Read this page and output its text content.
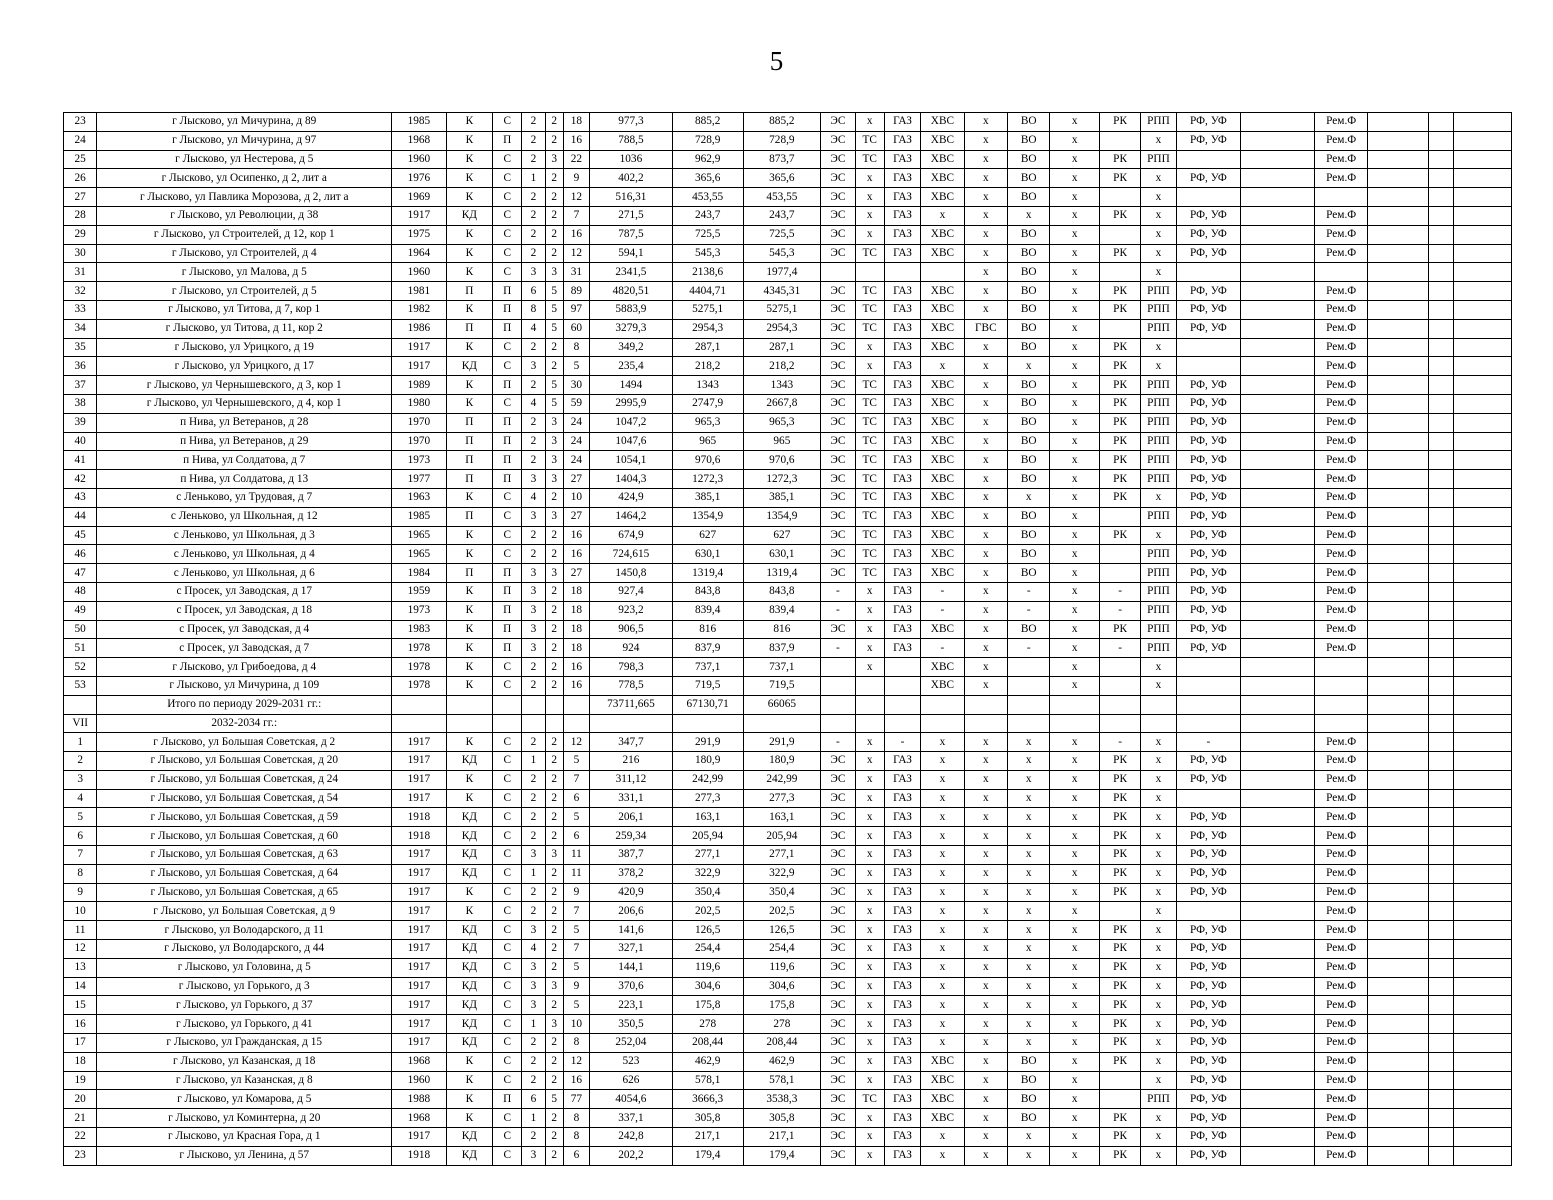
5
23	г Лысково, ул Мичурина, д 89	1985	К	С	2	2	18	977,3	885,2	885,2	ЭС	х	ГАЗ	ХВС	х	ВО	х	РК	РПП	РФ, УФ		Рем.Ф			
24	г Лысково, ул Мичурина, д 97	1968	К	П	2	2	16	788,5	728,9	728,9	ЭС	ТС	ГАЗ	ХВС	х	ВО	х		х	РФ, УФ		Рем.Ф			
25	г Лысково, ул Нестерова, д 5	1960	К	С	2	3	22	1036	962,9	873,7	ЭС	ТС	ГАЗ	ХВС	х	ВО	х	РК	РПП			Рем.Ф			
26	г Лысково, ул Осипенко, д 2, лит а	1976	К	С	1	2	9	402,2	365,6	365,6	ЭС	х	ГАЗ	ХВС	х	ВО	х	РК	х	РФ, УФ		Рем.Ф			
27	г Лысково, ул Павлика Морозова, д 2, лит а	1969	К	С	2	2	12	516,31	453,55	453,55	ЭС	х	ГАЗ	ХВС	х	ВО	х		х						
28	г Лысково, ул Революции, д 38	1917	КД	С	2	2	7	271,5	243,7	243,7	ЭС	х	ГАЗ	х	х	х	х	РК	х	РФ, УФ		Рем.Ф			
29	г Лысково, ул Строителей, д 12, кор 1	1975	К	С	2	2	16	787,5	725,5	725,5	ЭС	х	ГАЗ	ХВС	х	ВО	х		х	РФ, УФ		Рем.Ф			
30	г Лысково, ул Строителей, д 4	1964	К	С	2	2	12	594,1	545,3	545,3	ЭС	ТС	ГАЗ	ХВС	х	ВО	х	РК	х	РФ, УФ		Рем.Ф			
31	г Лысково, ул Малова, д 5	1960	К	С	3	3	31	2341,5	2138,6	1977,4					х	ВО	х		х						
32	г Лысково, ул Строителей, д 5	1981	П	П	6	5	89	4820,51	4404,71	4345,31	ЭС	ТС	ГАЗ	ХВС	х	ВО	х	РК	РПП	РФ, УФ		Рем.Ф			
33	г Лысково, ул Титова, д 7, кор 1	1982	К	П	8	5	97	5883,9	5275,1	5275,1	ЭС	ТС	ГАЗ	ХВС	х	ВО	х	РК	РПП	РФ, УФ		Рем.Ф			
34	г Лысково, ул Титова, д 11, кор 2	1986	П	П	4	5	60	3279,3	2954,3	2954,3	ЭС	ТС	ГАЗ	ХВС	ГВС	ВО	х		РПП	РФ, УФ		Рем.Ф			
35	г Лысково, ул Урицкого, д 19	1917	К	С	2	2	8	349,2	287,1	287,1	ЭС	х	ГАЗ	ХВС	х	ВО	х	РК	х			Рем.Ф			
36	г Лысково, ул Урицкого, д 17	1917	КД	С	3	2	5	235,4	218,2	218,2	ЭС	х	ГАЗ	х	х	х	х	РК	х			Рем.Ф			
37	г Лысково, ул Чернышевского, д 3, кор 1	1989	К	П	2	5	30	1494	1343	1343	ЭС	ТС	ГАЗ	ХВС	х	ВО	х	РК	РПП	РФ, УФ		Рем.Ф			
38	г Лысково, ул Чернышевского, д 4, кор 1	1980	К	С	4	5	59	2995,9	2747,9	2667,8	ЭС	ТС	ГАЗ	ХВС	х	ВО	х	РК	РПП	РФ, УФ		Рем.Ф			
39	п Нива, ул Ветеранов, д 28	1970	П	П	2	3	24	1047,2	965,3	965,3	ЭС	ТС	ГАЗ	ХВС	х	ВО	х	РК	РПП	РФ, УФ		Рем.Ф			
40	п Нива, ул Ветеранов, д 29	1970	П	П	2	3	24	1047,6	965	965	ЭС	ТС	ГАЗ	ХВС	х	ВО	х	РК	РПП	РФ, УФ		Рем.Ф			
41	п Нива, ул Солдатова, д 7	1973	П	П	2	3	24	1054,1	970,6	970,6	ЭС	ТС	ГАЗ	ХВС	х	ВО	х	РК	РПП	РФ, УФ		Рем.Ф			
42	п Нива, ул Солдатова, д 13	1977	П	П	3	3	27	1404,3	1272,3	1272,3	ЭС	ТС	ГАЗ	ХВС	х	ВО	х	РК	РПП	РФ, УФ		Рем.Ф			
43	с Леньково, ул Трудовая, д 7	1963	К	С	4	2	10	424,9	385,1	385,1	ЭС	ТС	ГАЗ	ХВС	х	х	х	РК	х	РФ, УФ		Рем.Ф			
44	с Леньково, ул Школьная, д 12	1985	П	С	3	3	27	1464,2	1354,9	1354,9	ЭС	ТС	ГАЗ	ХВС	х	ВО	х		РПП	РФ, УФ		Рем.Ф			
45	с Леньково, ул Школьная, д 3	1965	К	С	2	2	16	674,9	627	627	ЭС	ТС	ГАЗ	ХВС	х	ВО	х	РК	х	РФ, УФ		Рем.Ф			
46	с Леньково, ул Школьная, д 4	1965	К	С	2	2	16	724,615	630,1	630,1	ЭС	ТС	ГАЗ	ХВС	х	ВО	х		РПП	РФ, УФ		Рем.Ф			
47	с Леньково, ул Школьная, д 6	1984	П	П	3	3	27	1450,8	1319,4	1319,4	ЭС	ТС	ГАЗ	ХВС	х	ВО	х		РПП	РФ, УФ		Рем.Ф			
48	с Просек, ул Заводская, д 17	1959	К	П	3	2	18	927,4	843,8	843,8	-	х	ГАЗ	-	х	-	х	-	РПП	РФ, УФ		Рем.Ф			
49	с Просек, ул Заводская, д 18	1973	К	П	3	2	18	923,2	839,4	839,4	-	х	ГАЗ	-	х	-	х	-	РПП	РФ, УФ		Рем.Ф			
50	с Просек, ул Заводская, д 4	1983	К	П	3	2	18	906,5	816	816	ЭС	х	ГАЗ	ХВС	х	ВО	х	РК	РПП	РФ, УФ		Рем.Ф			
51	с Просек, ул Заводская, д 7	1978	К	П	3	2	18	924	837,9	837,9	-	х	ГАЗ	-	х	-	х	-	РПП	РФ, УФ		Рем.Ф			
52	г Лысково, ул Грибоедова, д 4	1978	К	С	2	2	16	798,3	737,1	737,1		х		ХВС	х		х		х						
53	г Лысково, ул Мичурина, д 109	1978	К	С	2	2	16	778,5	719,5	719,5				ХВС	х		х		х						
	Итого по периоду 2029-2031 гг.:							73711,665	67130,71	66065															
VII	2032-2034 гг.:																								
1	г Лысково, ул Большая Советская, д 2	1917	К	С	2	2	12	347,7	291,9	291,9	-	х	-	х	х	х	х	-	х	-		Рем.Ф			
2	г Лысково, ул Большая Советская, д 20	1917	КД	С	1	2	5	216	180,9	180,9	ЭС	х	ГАЗ	х	х	х	х	РК	х	РФ, УФ		Рем.Ф			
3	г Лысково, ул Большая Советская, д 24	1917	К	С	2	2	7	311,12	242,99	242,99	ЭС	х	ГАЗ	х	х	х	х	РК	х	РФ, УФ		Рем.Ф			
4	г Лысково, ул Большая Советская, д 54	1917	К	С	2	2	6	331,1	277,3	277,3	ЭС	х	ГАЗ	х	х	х	х	РК	х			Рем.Ф			
5	г Лысково, ул Большая Советская, д 59	1918	КД	С	2	2	5	206,1	163,1	163,1	ЭС	х	ГАЗ	х	х	х	х	РК	х	РФ, УФ		Рем.Ф			
6	г Лысково, ул Большая Советская, д 60	1918	КД	С	2	2	6	259,34	205,94	205,94	ЭС	х	ГАЗ	х	х	х	х	РК	х	РФ, УФ		Рем.Ф			
7	г Лысково, ул Большая Советская, д 63	1917	КД	С	3	3	11	387,7	277,1	277,1	ЭС	х	ГАЗ	х	х	х	х	РК	х	РФ, УФ		Рем.Ф			
8	г Лысково, ул Большая Советская, д 64	1917	КД	С	1	2	11	378,2	322,9	322,9	ЭС	х	ГАЗ	х	х	х	х	РК	х	РФ, УФ		Рем.Ф			
9	г Лысково, ул Большая Советская, д 65	1917	К	С	2	2	9	420,9	350,4	350,4	ЭС	х	ГАЗ	х	х	х	х	РК	х	РФ, УФ		Рем.Ф			
10	г Лысково, ул Большая Советская, д 9	1917	К	С	2	2	7	206,6	202,5	202,5	ЭС	х	ГАЗ	х	х	х	х		х			Рем.Ф			
11	г Лысково, ул Володарского, д 11	1917	КД	С	3	2	5	141,6	126,5	126,5	ЭС	х	ГАЗ	х	х	х	х	РК	х	РФ, УФ		Рем.Ф			
12	г Лысково, ул Володарского, д 44	1917	КД	С	4	2	7	327,1	254,4	254,4	ЭС	х	ГАЗ	х	х	х	х	РК	х	РФ, УФ		Рем.Ф			
13	г Лысково, ул Головина, д 5	1917	КД	С	3	2	5	144,1	119,6	119,6	ЭС	х	ГАЗ	х	х	х	х	РК	х	РФ, УФ		Рем.Ф			
14	г Лысково, ул Горького, д 3	1917	КД	С	3	3	9	370,6	304,6	304,6	ЭС	х	ГАЗ	х	х	х	х	РК	х	РФ, УФ		Рем.Ф			
15	г Лысково, ул Горького, д 37	1917	КД	С	3	2	5	223,1	175,8	175,8	ЭС	х	ГАЗ	х	х	х	х	РК	х	РФ, УФ		Рем.Ф			
16	г Лысково, ул Горького, д 41	1917	КД	С	1	3	10	350,5	278	278	ЭС	х	ГАЗ	х	х	х	х	РК	х	РФ, УФ		Рем.Ф			
17	г Лысково, ул Гражданская, д 15	1917	КД	С	2	2	8	252,04	208,44	208,44	ЭС	х	ГАЗ	х	х	х	х	РК	х	РФ, УФ		Рем.Ф			
18	г Лысково, ул Казанская, д 18	1968	К	С	2	2	12	523	462,9	462,9	ЭС	х	ГАЗ	ХВС	х	ВО	х	РК	х	РФ, УФ		Рем.Ф			
19	г Лысково, ул Казанская, д 8	1960	К	С	2	2	16	626	578,1	578,1	ЭС	х	ГАЗ	ХВС	х	ВО	х		х	РФ, УФ		Рем.Ф			
20	г Лысково, ул Комарова, д 5	1988	К	П	6	5	77	4054,6	3666,3	3538,3	ЭС	ТС	ГАЗ	ХВС	х	ВО	х		РПП	РФ, УФ		Рем.Ф			
21	г Лысково, ул Коминтерна, д 20	1968	К	С	1	2	8	337,1	305,8	305,8	ЭС	х	ГАЗ	ХВС	х	ВО	х	РК	х	РФ, УФ		Рем.Ф			
22	г Лысково, ул Красная Гора, д 1	1917	КД	С	2	2	8	242,8	217,1	217,1	ЭС	х	ГАЗ	х	х	х	х	РК	х	РФ, УФ		Рем.Ф			
23	г Лысково, ул Ленина, д 57	1918	КД	С	3	2	6	202,2	179,4	179,4	ЭС	х	ГАЗ	х	х	х	х	РК	х	РФ, УФ		Рем.Ф			
